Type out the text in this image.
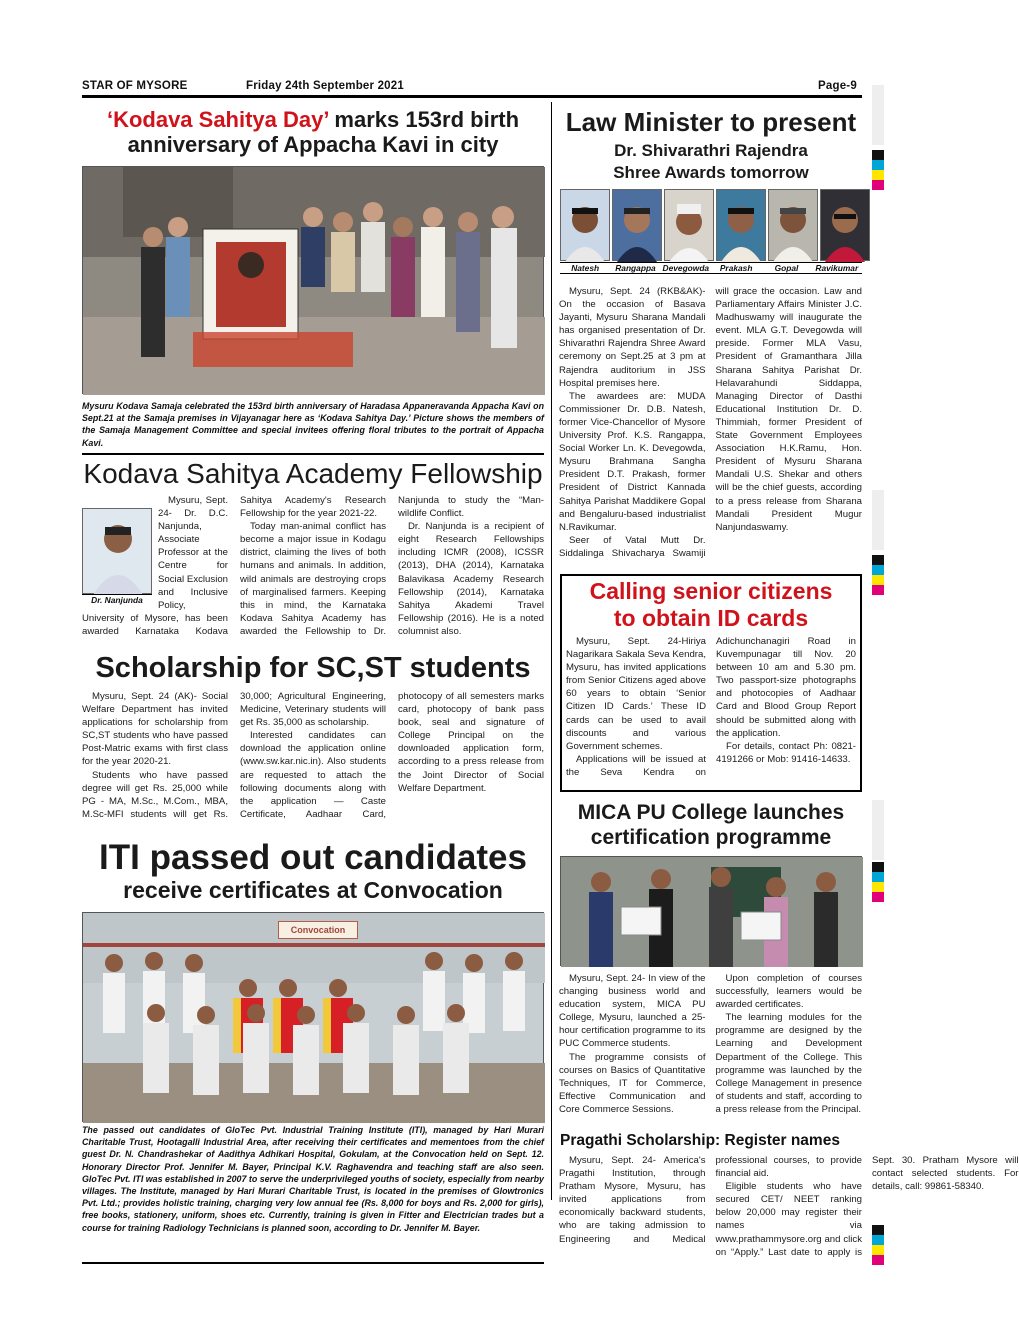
STAR OF MYSORE	Friday 24th September 2021	Page-9
‘Kodava Sahitya Day’ marks 153rd birth
anniversary of Appacha Kavi in city
Mysuru Kodava Samaja celebrated the 153rd birth anniversary of Haradasa Appaneravanda Appacha Kavi on Sept.21 at the Samaja premises in Vijayanagar here as ‘Kodava Sahitya Day.’ Picture shows the members of the Samaja Management Committee and special invitees offering floral tributes to the portrait of Appacha Kavi.
Kodava Sahitya Academy Fellowship
Dr. Nanjunda

Mysuru, Sept. 24- Dr. D.C. Nanjunda, Associate Professor at the Centre for Social Exclusion and Inclusive Policy, University of Mysore, has been awarded Karnataka Kodava Sahitya Academy's Research Fellowship for the year 2021-22.

Today man-animal conflict has become a major issue in Kodagu district, claiming the lives of both humans and animals. In addition, wild animals are destroying crops of marginalised farmers. Keeping this in mind, the Karnataka Kodava Sahitya Academy has awarded the Fellowship to Dr. Nanjunda to study the “Man-wildlife Conflict.

Dr. Nanjunda is a recipient of eight Research Fellowships including ICMR (2008), ICSSR (2013), DHA (2014), Karnataka Balavikasa Academy Research Fellowship (2014), Karnataka Sahitya Akademi Travel Fellowship (2016). He is a noted columnist also.

Scholarship for SC,ST students

Mysuru, Sept. 24 (AK)- Social Welfare Department has invited applications for scholarship from SC,ST students who have passed Post-Matric exams with first class for the year 2020-21.

Students who have passed degree will get Rs. 25,000 while PG - MA, M.Sc., M.Com., MBA, M.Sc-MFI students will get Rs. 30,000; Agricultural Engineering, Medicine, Veterinary students will get Rs. 35,000 as scholarship.

Interested candidates can download the application online (www.sw.kar.nic.in). Also students are requested to attach the following documents along with the application — Caste Certificate, Aadhaar Card, photocopy of all semesters marks card, photocopy of bank pass book, seal and signature of College Principal on the downloaded application form, according to a press release from the Joint Director of Social Welfare Department.

ITI passed out candidates
receive certificates at Convocation
Convocation
The passed out candidates of GloTec Pvt. Industrial Training Institute (ITI), managed by Hari Murari Charitable Trust, Hootagalli Industrial Area, after receiving their certificates and mementoes from the chief guest Dr. N. Chandrashekar of Aadithya Adhikari Hospital, Gokulam, at the Convocation held on Sept. 12. Honorary Director Prof. Jennifer M. Bayer, Principal K.V. Raghavendra and teaching staff are also seen. GloTec Pvt. ITI was established in 2007 to serve the underprivileged youths of society, especially from nearby villages. The Institute, managed by Hari Murari Charitable Trust, is located in the premises of Glowtronics Pvt. Ltd.; provides holistic training, charging very low annual fee (Rs. 8,000 for boys and Rs. 2,000 for girls), free books, stationery, uniform, shoes etc. Currently, training is given in Fitter and Electrician trades but a course for training Radiology Technicians is planned soon, according to Dr. Jennifer M. Bayer.
Law Minister to present
Dr. Shivarathri Rajendra
Shree Awards tomorrow
Natesh	Rangappa Devegowda	Prakash	Gopal	Ravikumar

Mysuru, Sept. 24 (RKB&AK)- On the occasion of Basava Jayanti, Mysuru Sharana Mandali has organised presentation of Dr. Shivarathri Rajendra Shree Award ceremony on Sept.25 at 3 pm at Rajendra auditorium in JSS Hospital premises here.

The awardees are: MUDA Commissioner Dr. D.B. Natesh, former Vice-Chancellor of Mysore University Prof. K.S. Rangappa, Social Worker Ln. K. Devegowda, Mysuru Brahmana Sangha President D.T. Prakash, former President of District Kannada Sahitya Parishat Maddikere Gopal and Bengaluru-based industrialist N.Ravikumar.

Seer of Vatal Mutt Dr. Siddalinga Shivacharya Swamiji will grace the occasion. Law and Parliamentary Affairs Minister J.C. Madhuswamy will inaugurate the event. MLA G.T. Devegowda will preside. Former MLA Vasu, President of Gramanthara Jilla Sharana Sahitya Parishat Dr. Helavarahundi Siddappa, Managing Director of Dasthi Educational Institution Dr. D. Thimmiah, former President of State Government Employees Association H.K.Ramu, Hon. President of Mysuru Sharana Mandali U.S. Shekar and others will be the chief guests, according to a press release from Sharana Mandali President Mugur Nanjundaswamy.

Calling senior citizens
to obtain ID cards

Mysuru, Sept. 24-Hiriya Nagarikara Sakala Seva Kendra, Mysuru, has invited applications from Senior Citizens aged above 60 years to obtain ‘Senior Citizen ID Cards.’ These ID cards can be used to avail discounts and various Government schemes.

Applications will be issued at the Seva Kendra on Adichunchanagiri Road in Kuvempunagar till Nov. 20 between 10 am and 5.30 pm. Two passport-size photographs and photocopies of Aadhaar Card and Blood Group Report should be submitted along with the application.

For details, contact Ph: 0821-4191266 or Mob: 91416-14633.

MICA PU College launches
certification programme

Mysuru, Sept. 24- In view of the changing business world and education system, MICA PU College, Mysuru, launched a 25-hour certification programme to its PUC Commerce students.

The programme consists of courses on Basics of Quantitative Techniques, IT for Commerce, Effective Communication and Core Commerce Sessions.

Upon completion of courses successfully, learners would be awarded certificates.

The learning modules for the programme are designed by the Learning and Development Department of the College. This programme was launched by the College Management in presence of students and staff, according to a press release from the Principal.

Pragathi Scholarship: Register names

Mysuru, Sept. 24- America's Pragathi Institution, through Pratham Mysore, Mysuru, has invited applications from economically backward students, who are taking admission to Engineering and Medical professional courses, to provide financial aid.

Eligible students who have secured CET/ NEET ranking below 20,000 may register their names via www.prathammysore.org and click on “Apply.” Last date to apply is Sept. 30. Pratham Mysore will contact selected students. For details, call: 99861-58340.
